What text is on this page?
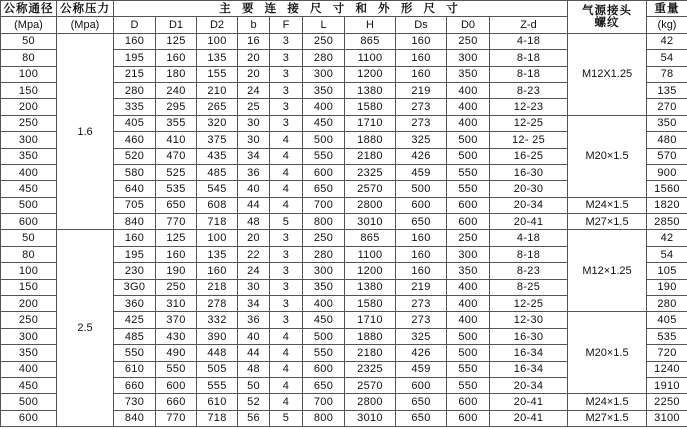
公称通径	公称压力	主 要 连 接 尺 寸 和 外 形 尺 寸										气源接头
螺纹	重量
(Mpa)	(Mpa)	D	D1	D2	b	F	L	H	Ds	D0	Z-d		(kg)
50	1.6	160	125	100	16	3	250	865	160	250	4-18	M12X1.25	42
80		195	160	135	20	3	280	1100	160	300	8-18		54
100		215	180	155	20	3	300	1200	160	350	8-18		78
150		280	240	210	24	3	350	1380	219	400	8-23		135
200		335	295	265	25	3	400	1580	273	400	12-23		270
250		405	355	320	30	3	450	1710	273	400	12-25	M20×1.5	350
300		460	410	375	30	4	500	1880	325	500	12- 25		480
350		520	470	435	34	4	550	2180	426	500	16-25		570
400		580	525	485	36	4	600	2325	459	550	16-30		900
450		640	535	545	40	4	650	2570	500	550	20-30		1560
500		705	650	608	44	4	700	2800	600	600	20-34	M24×1.5	1820
600		840	770	718	48	5	800	3010	650	600	20-41	M27×1.5	2850
50	2.5	160	125	100	20	3	250	865	160	250	4-18	M12×1.25	42
80		195	160	135	22	3	280	1100	160	300	8-18		54
100		230	190	160	24	3	300	1200	160	350	8-23		105
150		3G0	250	218	30	3	350	1380	219	400	8-25		190
200		360	310	278	34	3	400	1580	273	400	12-25		280
250		425	370	332	36	3	450	1710	273	400	12-30	M20×1.5	405
300		485	430	390	40	4	500	1880	325	500	16-30		535
350		550	490	448	44	4	550	2180	426	500	16-34		720
400		610	550	505	48	4	600	2325	459	550	16-34		1240
450		660	600	555	50	4	650	2570	600	550	20-34		1910
500		730	660	610	52	4	700	2800	650	600	20-41	M24×1.5	2250
600		840	770	718	56	5	800	3010	650	600	20-41	M27×1.5	3100
